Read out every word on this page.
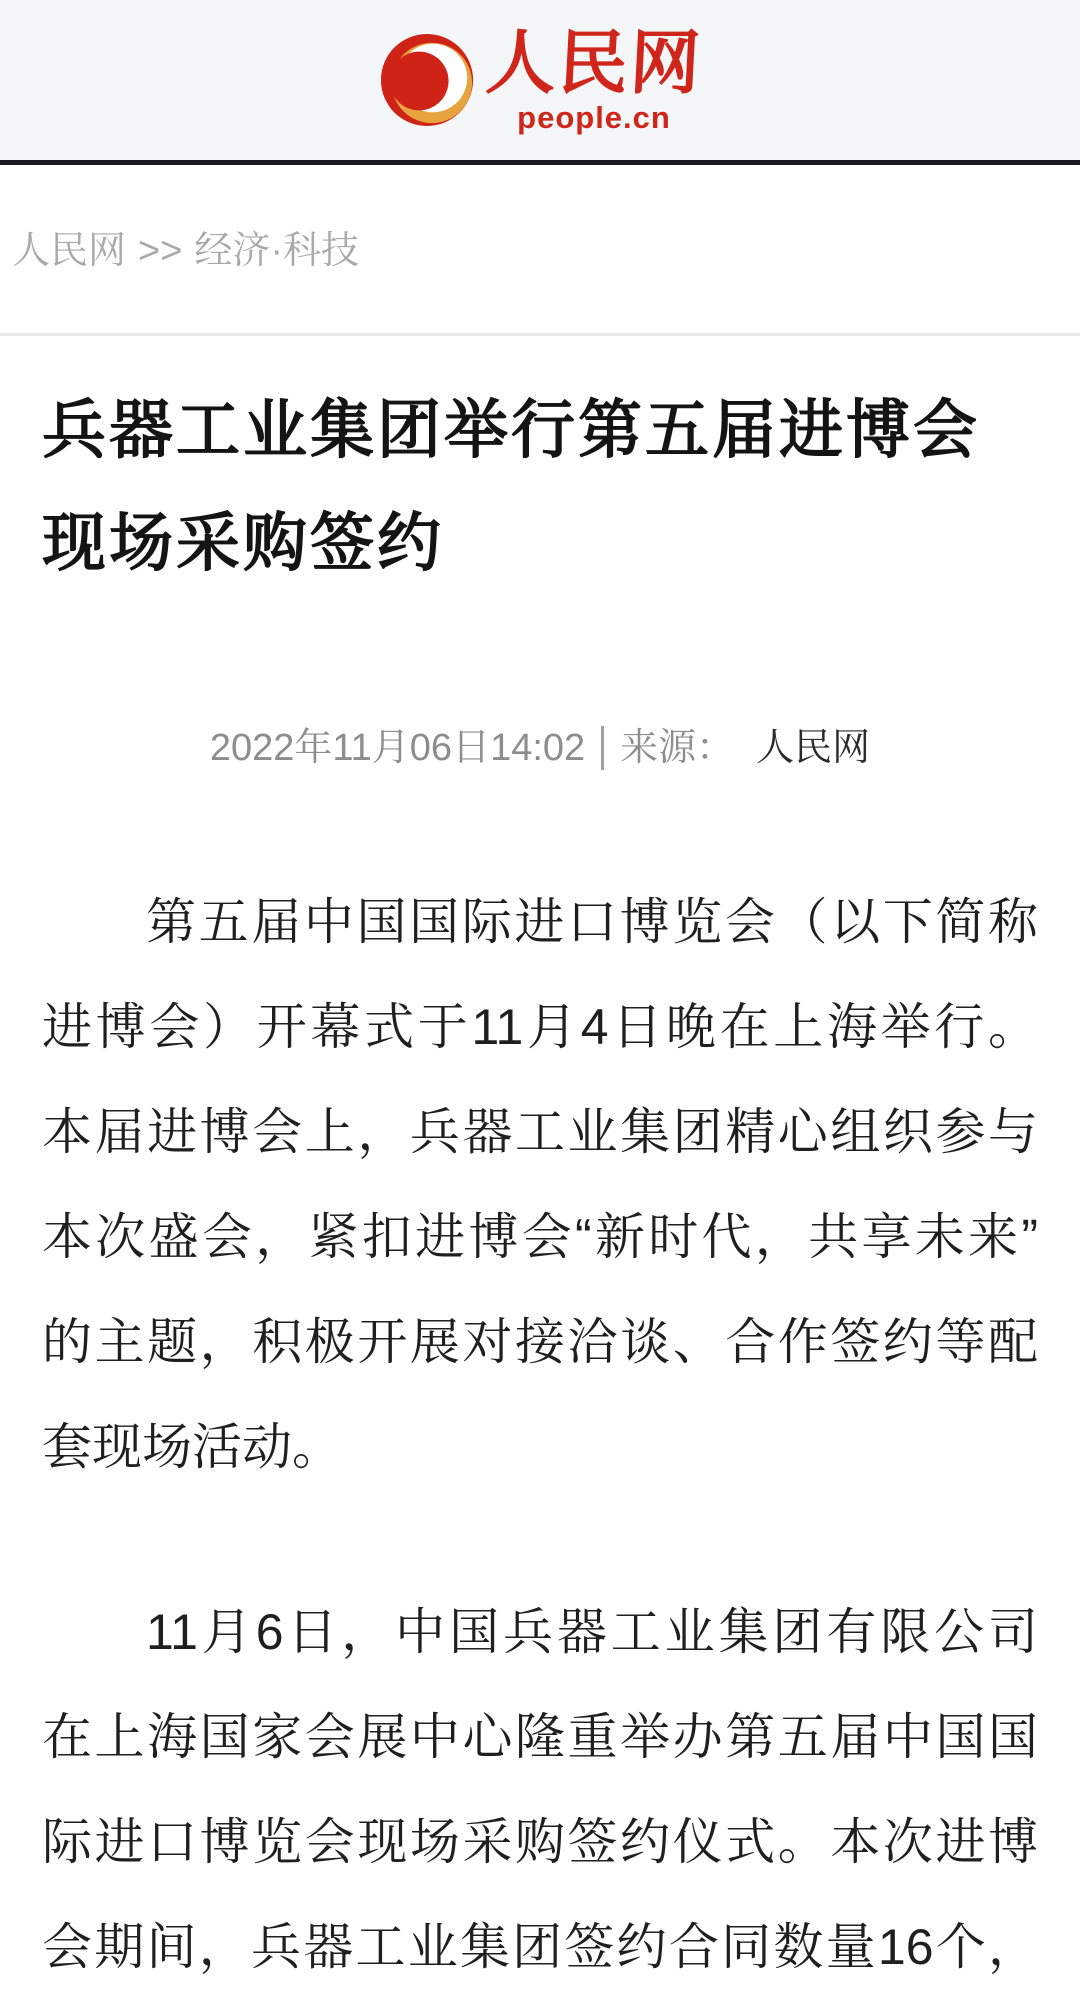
人民网
people.cn
人民网 >> 经济·科技
兵器工业集团举行第五届进博会
现场采购签约
2022年11月06日14:02 来源： 人民网
第五届中国国际进口博览会（以下简称
进博会）开幕式于11月4日晚在上海举行。
本届进博会上，兵器工业集团精心组织参与
本次盛会，紧扣进博会“新时代，共享未来”
的主题，积极开展对接洽谈、合作签约等配
套现场活动。
11月6日，中国兵器工业集团有限公司
在上海国家会展中心隆重举办第五届中国国
际进口博览会现场采购签约仪式。本次进博
会期间，兵器工业集团签约合同数量16个，
